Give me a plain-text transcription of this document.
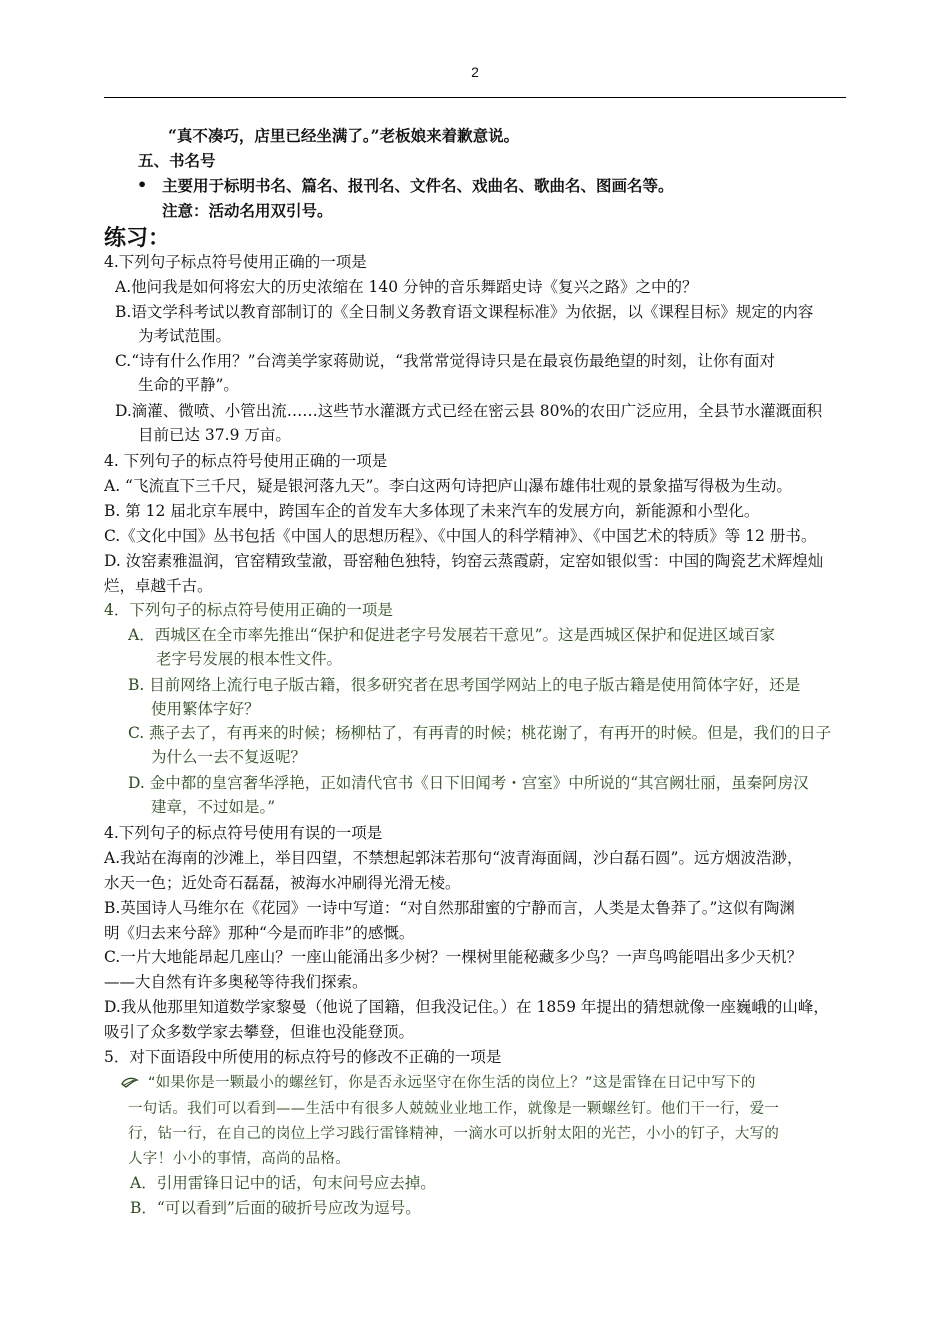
2
“真不凑巧，店里已经坐满了。”老板娘来着歉意说。
五、书名号
• 主要用于标明书名、篇名、报刊名、文件名、戏曲名、歌曲名、图画名等。
注意：活动名用双引号。
练习：
4.下列句子标点符号使用正确的一项是
A.他问我是如何将宏大的历史浓缩在 140 分钟的音乐舞蹈史诗《复兴之路》之中的？
B.语文学科考试以教育部制订的《全日制义务教育语文课程标准》为依据，以《课程目标》规定的内容
为考试范围。
C.“诗有什么作用？”台湾美学家蒋勋说，“我常常觉得诗只是在最哀伤最绝望的时刻，让你有面对
生命的平静”。
D.滴灌、微喷、小管出流……这些节水灌溉方式已经在密云县 80%的农田广泛应用，全县节水灌溉面积
目前已达 37.9 万亩。
4. 下列句子的标点符号使用正确的一项是
A. “飞流直下三千尺，疑是银河落九天”。李白这两句诗把庐山瀑布雄伟壮观的景象描写得极为生动。
B. 第 12 届北京车展中，跨国车企的首发车大多体现了未来汽车的发展方向，新能源和小型化。
C.《文化中国》丛书包括《中国人的思想历程》、《中国人的科学精神》、《中国艺术的特质》等 12 册书。
D. 汝窑素雅温润，官窑精致莹澈，哥窑釉色独特，钧窑云蒸霞蔚，定窑如银似雪：中国的陶瓷艺术辉煌灿
烂，卓越千古。
4．下列句子的标点符号使用正确的一项是
A．西城区在全市率先推出“保护和促进老字号发展若干意见”。这是西城区保护和促进区域百家
老字号发展的根本性文件。
B. 目前网络上流行电子版古籍，很多研究者在思考国学网站上的电子版古籍是使用简体字好，还是
使用繁体字好？
C. 燕子去了，有再来的时候；杨柳枯了，有再青的时候；桃花谢了，有再开的时候。但是，我们的日子
为什么一去不复返呢？
D. 金中都的皇宫奢华浮艳，正如清代官书《日下旧闻考・宫室》中所说的“其宫阙壮丽，虽秦阿房汉
建章，不过如是。”
4.下列句子的标点符号使用有误的一项是
A.我站在海南的沙滩上，举目四望，不禁想起郭沫若那句“波青海面阔，沙白磊石圆”。远方烟波浩渺，
水天一色；近处奇石磊磊，被海水冲刷得光滑无棱。
B.英国诗人马维尔在《花园》一诗中写道：“对自然那甜蜜的宁静而言，人类是太鲁莽了。”这似有陶渊
明《归去来兮辞》那种“今是而昨非”的感慨。
C.一片大地能昂起几座山？一座山能涌出多少树？一棵树里能秘藏多少鸟？一声鸟鸣能唱出多少天机？
——大自然有许多奥秘等待我们探索。
D.我从他那里知道数学家黎曼（他说了国籍，但我没记住。）在 1859 年提出的猜想就像一座巍峨的山峰，
吸引了众多数学家去攀登，但谁也没能登顶。
5．对下面语段中所使用的标点符号的修改不正确的一项是
“如果你是一颗最小的螺丝钉，你是否永远坚守在你生活的岗位上？”这是雷锋在日记中写下的
一句话。我们可以看到——生活中有很多人兢兢业业地工作，就像是一颗螺丝钉。他们干一行，爱一
行，钻一行，在自己的岗位上学习践行雷锋精神，一滴水可以折射太阳的光芒，小小的钉子，大写的
人字！小小的事情，高尚的品格。
A．引用雷锋日记中的话，句末问号应去掉。
B．“可以看到”后面的破折号应改为逗号。
